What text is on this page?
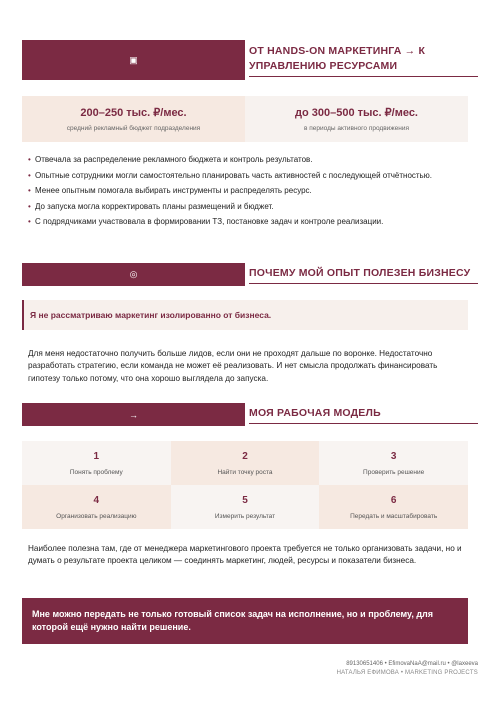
▣
ОТ HANDS-ON МАРКЕТИНГА → К
УПРАВЛЕНИЮ РЕСУРСАМИ
200–250 тыс. ₽/мес.
средний рекламный бюджет подразделения
до 300–500 тыс. ₽/мес.
в периоды активного продвижения
• Отвечала за распределение рекламного бюджета и контроль результатов.
• Опытные сотрудники могли самостоятельно планировать часть активностей с последующей отчётностью.
• Менее опытным помогала выбирать инструменты и распределять ресурс.
• До запуска могла корректировать планы размещений и бюджет.
• С подрядчиками участвовала в формировании ТЗ, постановке задач и контроле реализации.
◎	ПОЧЕМУ МОЙ ОПЫТ ПОЛЕЗЕН БИЗНЕСУ
Я не рассматриваю маркетинг изолированно от бизнеса.

Для меня недостаточно получить больше лидов, если они не проходят дальше по воронке. Недостаточно разработать стратегию, если команда не может её реализовать. И нет смысла продолжать финансировать гипотезу только потому, что она хорошо выглядела до запуска.

→	МОЯ РАБОЧАЯ МОДЕЛЬ
1
Понять проблему
2
Найти точку роста
3
Проверить решение
4
Организовать реализацию
5
Измерить результат
6
Передать и масштабировать

Наиболее полезна там, где от менеджера маркетингового проекта требуется не только организовать задачи, но и думать о результате проекта целиком — соединять маркетинг, людей, ресурсы и показатели бизнеса.

Мне можно передать не только готовый список задач на исполнение, но и проблему, для которой ещё нужно найти решение.
89130651406 • EfimovaNaA@mail.ru • @laxeeva
НАТАЛЬЯ ЕФИМОВА • MARKETING PROJECTS
